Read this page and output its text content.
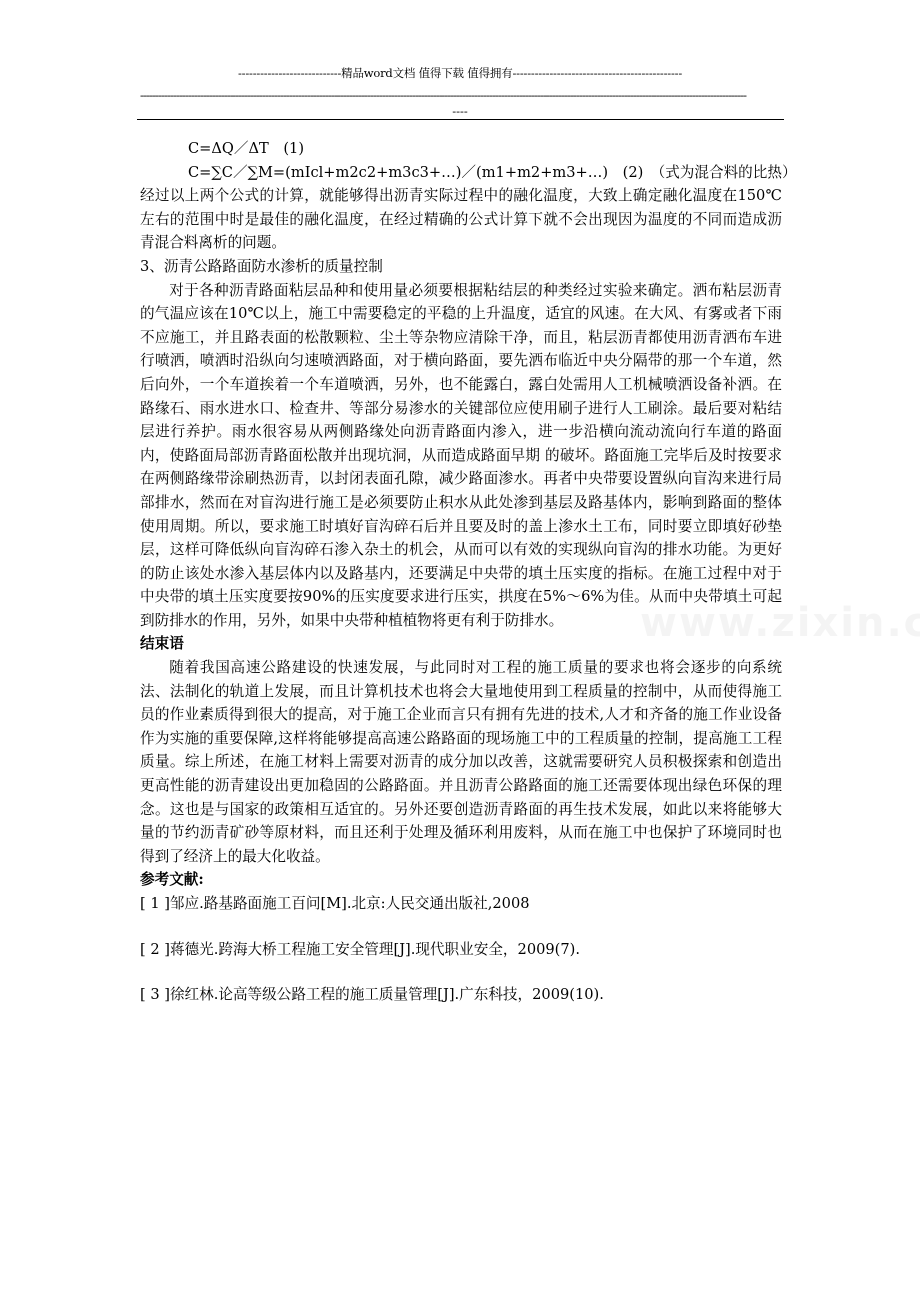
----------------------------精品word文档 值得下载 值得拥有----------------------------------------------
-----------------------------------------------------------------------------------------------------------------------------------------------------------------------------------------------------------
----

C=ΔQ／ΔT　(1)

C=∑C／∑M=(mIcl+m2c2+m3c3+…)／(m1+m2+m3+…)　(2)　（式为混合料的比热）

经过以上两个公式的计算，就能够得出沥青实际过程中的融化温度，大致上确定融化温度在150℃左右的范围中时是最佳的融化温度，在经过精确的公式计算下就不会出现因为温度的不同而造成沥青混合料离析的问题。

3、沥青公路路面防水渗析的质量控制

对于各种沥青路面粘层品种和使用量必须要根据粘结层的种类经过实验来确定。洒布粘层沥青的气温应该在10℃以上，施工中需要稳定的平稳的上升温度，适宜的风速。在大风、有雾或者下雨不应施工，并且路表面的松散颗粒、尘土等杂物应清除干净，而且，粘层沥青都使用沥青洒布车进行喷洒，喷洒时沿纵向匀速喷洒路面，对于横向路面，要先洒布临近中央分隔带的那一个车道，然后向外，一个车道挨着一个车道喷洒，另外，也不能露白，露白处需用人工机械喷洒设备补洒。在路缘石、雨水进水口、检查井、等部分易渗水的关键部位应使用刷子进行人工刷涂。最后要对粘结层进行养护。雨水很容易从两侧路缘处向沥青路面内渗入，进一步沿横向流动流向行车道的路面内，使路面局部沥青路面松散并出现坑洞，从而造成路面早期 的破坏。路面施工完毕后及时按要求在两侧路缘带涂刷热沥青，以封闭表面孔隙，减少路面渗水。再者中央带要设置纵向盲沟来进行局部排水，然而在对盲沟进行施工是必须要防止积水从此处渗到基层及路基体内，影响到路面的整体使用周期。所以，要求施工时填好盲沟碎石后并且要及时的盖上渗水土工布，同时要立即填好砂垫层，这样可降低纵向盲沟碎石渗入杂土的机会，从而可以有效的实现纵向盲沟的排水功能。为更好的防止该处水渗入基层体内以及路基内，还要满足中央带的填土压实度的指标。在施工过程中对于中央带的填土压实度要按90%的压实度要求进行压实，拱度在5%～6%为佳。从而中央带填土可起到防排水的作用，另外，如果中央带种植植物将更有利于防排水。

结束语

随着我国高速公路建设的快速发展，与此同时对工程的施工质量的要求也将会逐步的向系统法、法制化的轨道上发展，而且计算机技术也将会大量地使用到工程质量的控制中，从而使得施工员的作业素质得到很大的提高，对于施工企业而言只有拥有先进的技术,人才和齐备的施工作业设备作为实施的重要保障,这样将能够提高高速公路路面的现场施工中的工程质量的控制，提高施工工程质量。综上所述，在施工材料上需要对沥青的成分加以改善，这就需要研究人员积极探索和创造出更高性能的沥青建设出更加稳固的公路路面。并且沥青公路路面的施工还需要体现出绿色环保的理念。这也是与国家的政策相互适宜的。另外还要创造沥青路面的再生技术发展，如此以来将能够大量的节约沥青矿砂等原材料，而且还利于处理及循环利用废料，从而在施工中也保护了环境同时也得到了经济上的最大化收益。

参考文献:

[ 1 ]邹应.路基路面施工百问[M].北京:人民交通出版社,2008

[ 2 ]蒋德光.跨海大桥工程施工安全管理[J].现代职业安全，2009(7).

[ 3 ]徐红林.论高等级公路工程的施工质量管理[J].广东科技，2009(10).
